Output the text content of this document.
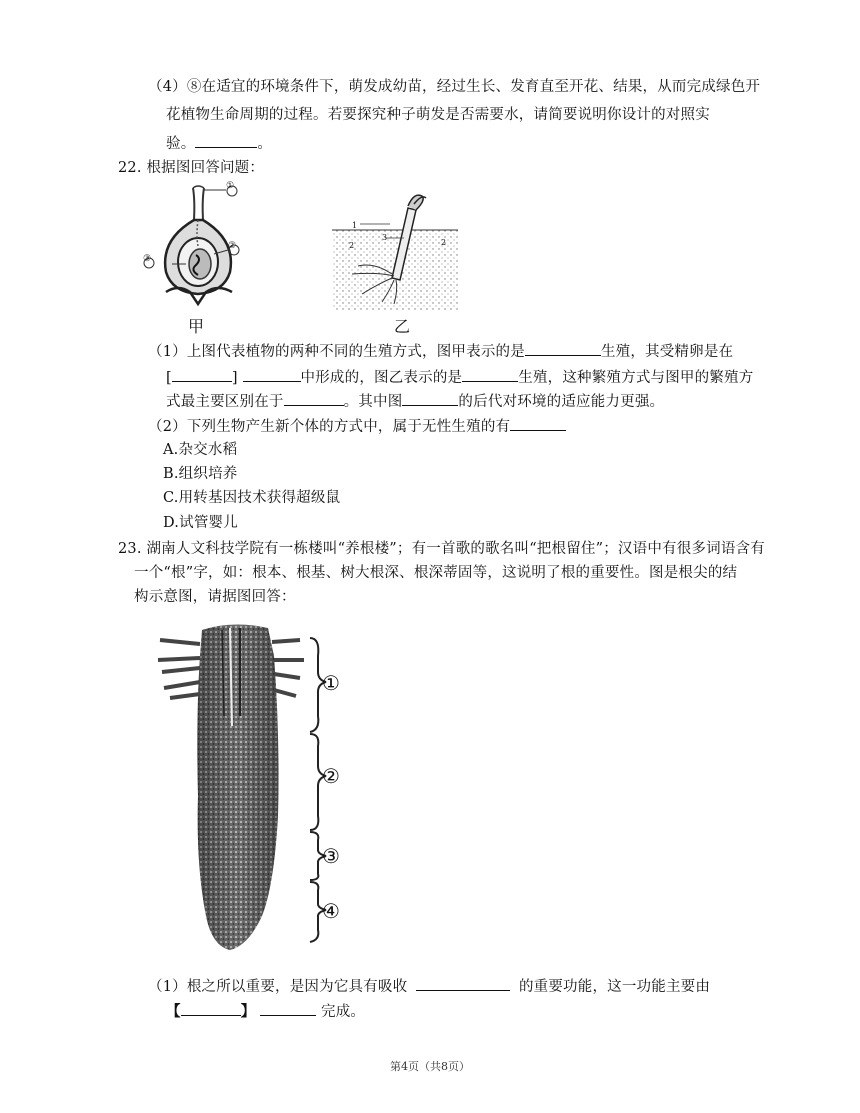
（4）⑧在适宜的环境条件下，萌发成幼苗，经过生长、发育直至开花、结果，从而完成绿色开
花植物生命周期的过程。若要探究种子萌发是否需要水，请简要说明你设计的对照实
验。	。
22. 根据图回答问题：
①
②
③
甲
1
2	2
3
乙
（1）上图代表植物的两种不同的生殖方式，图甲表示的是	生殖，其受精卵是在
[	]	中形成的，图乙表示的是	生殖，这种繁殖方式与图甲的繁殖方
式最主要区别在于	。其中图	的后代对环境的适应能力更强。
（2）下列生物产生新个体的方式中，属于无性生殖的有
A.杂交水稻
B.组织培养
C.用转基因技术获得超级鼠
D.试管婴儿
23. 湖南人文科技学院有一栋楼叫“养根楼”；有一首歌的歌名叫“把根留住”；汉语中有很多词语含有
一个“根”字，如：根本、根基、树大根深、根深蒂固等，这说明了根的重要性。图是根尖的结
构示意图，请据图回答：
①
②
③
④
（1）根之所以重要，是因为它具有吸收	的重要功能，这一功能主要由
【	】	完成。
第4页（共8页）
